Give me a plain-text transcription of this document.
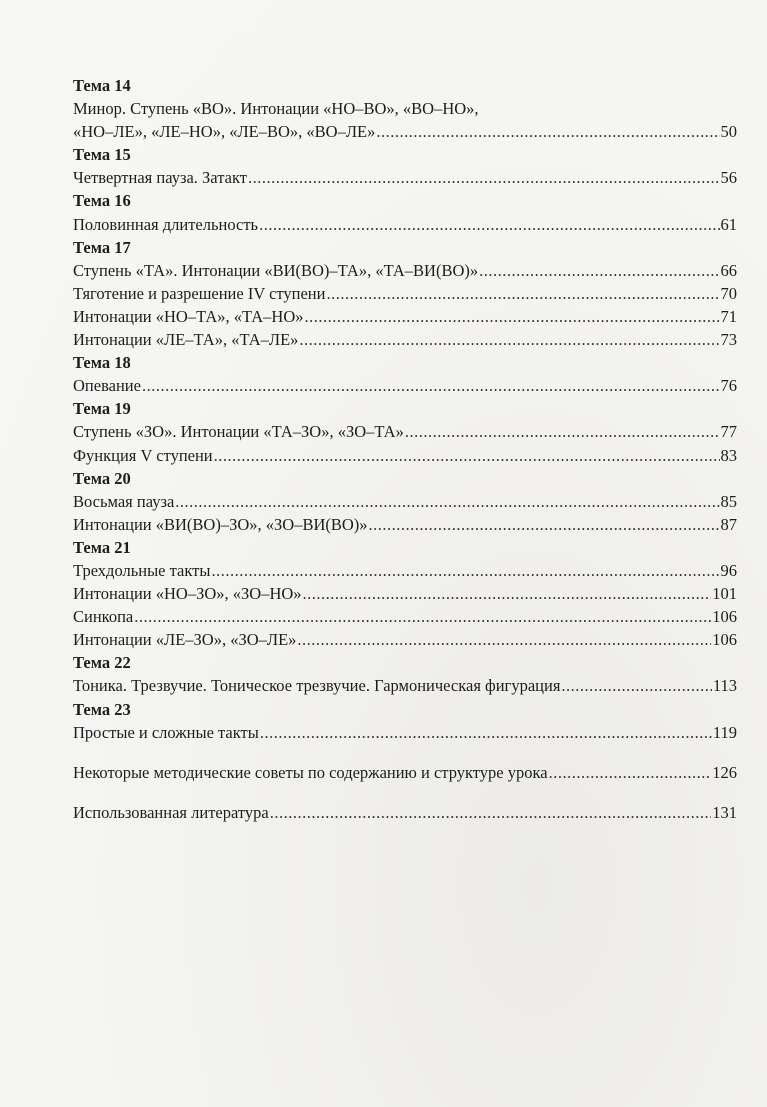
Тема 14
Минор. Ступень «ВО». Интонации «НО–ВО», «ВО–НО»,
«НО–ЛЕ», «ЛЕ–НО», «ЛЕ–ВО», «ВО–ЛЕ» .....	50
Тема 15
Четвертная пауза. Затакт .....	56
Тема 16
Половинная длительность .....	61
Тема 17
Ступень «ТА». Интонации «ВИ(ВО)–ТА», «ТА–ВИ(ВО)» .....	66
Тяготение и разрешение IV ступени .....	70
Интонации «НО–ТА», «ТА–НО» .....	71
Интонации «ЛЕ–ТА», «ТА–ЛЕ» .....	73
Тема 18
Опевание .....	76
Тема 19
Ступень «ЗО». Интонации «ТА–ЗО», «ЗО–ТА» .....	77
Функция V ступени .....	83
Тема 20
Восьмая пауза .....	85
Интонации «ВИ(ВО)–ЗО», «ЗО–ВИ(ВО)» .....	87
Тема 21
Трехдольные такты .....	96
Интонации «НО–ЗО», «ЗО–НО» .....	101
Синкопа .....	106
Интонации «ЛЕ–ЗО», «ЗО–ЛЕ» .....	106
Тема 22
Тоника. Трезвучие. Тоническое трезвучие. Гармоническая фигурация .....	113
Тема 23
Простые и сложные такты .....	119
Некоторые методические советы по содержанию и структуре урока .....	126
Использованная литература .....	131
